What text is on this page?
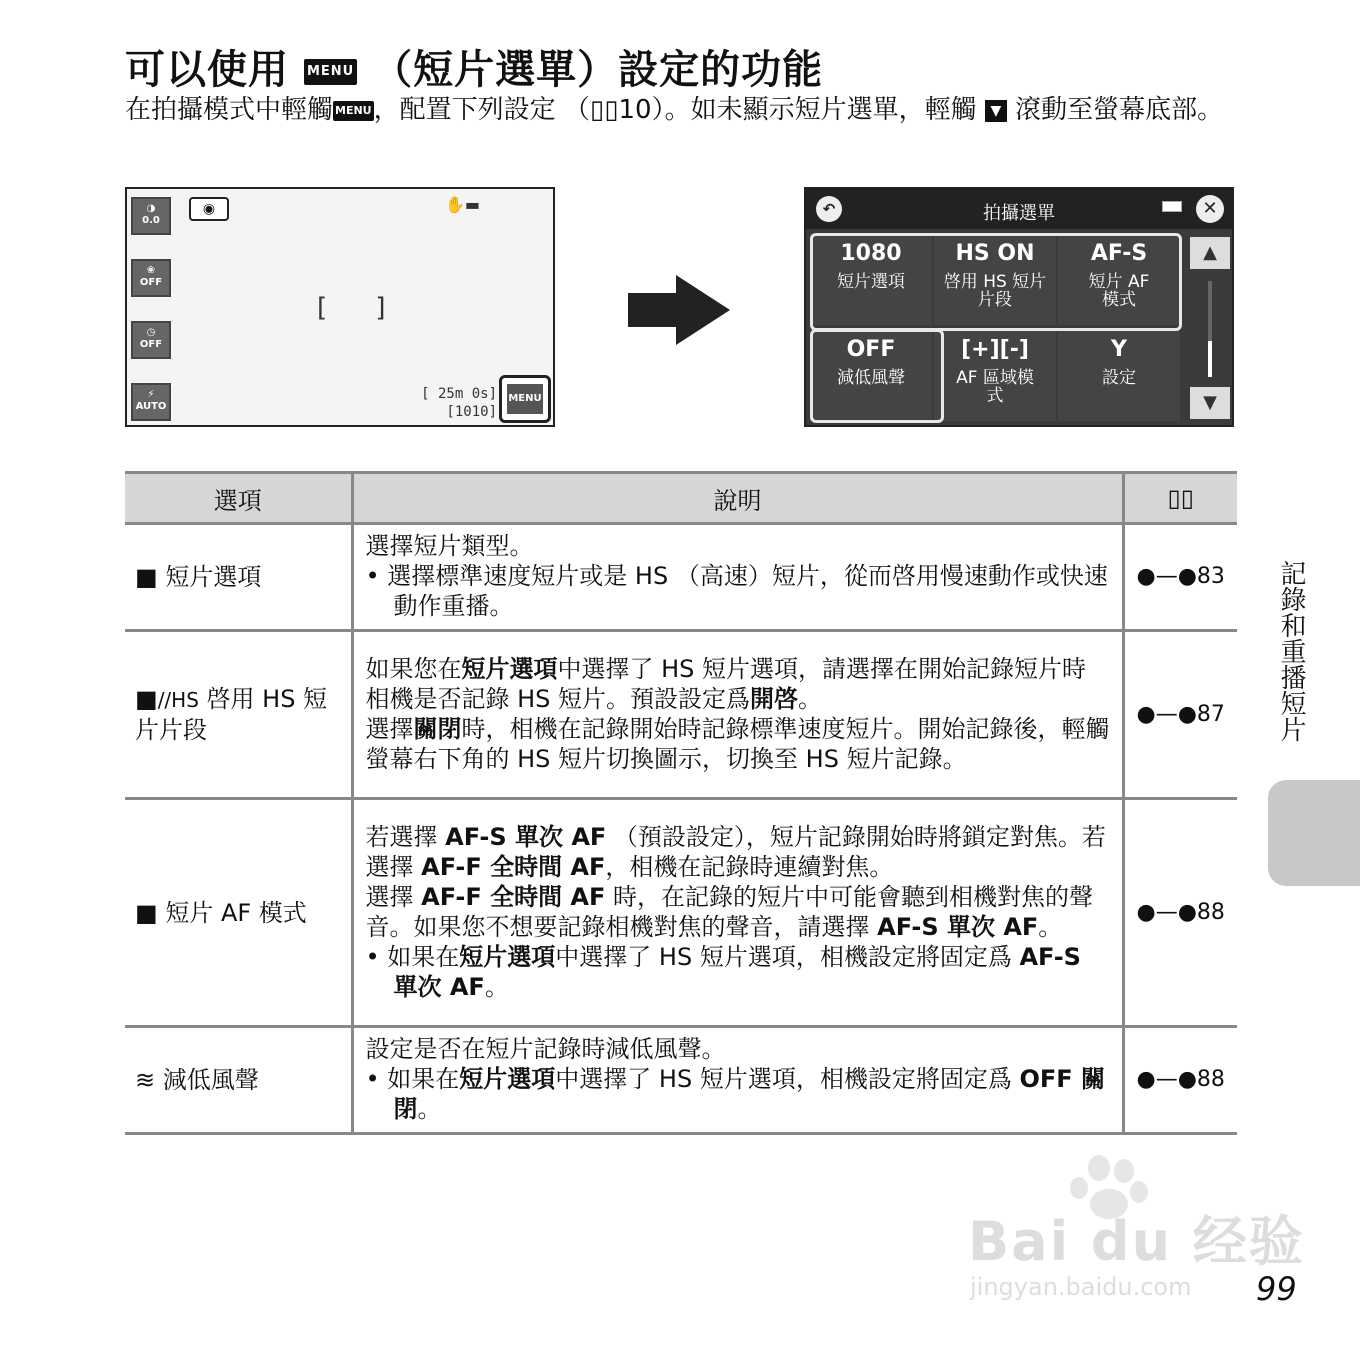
可以使用 MENU （短片選單）設定的功能
在拍攝模式中輕觸 MENU，配置下列設定 （▯▯10）。如未顯示短片選單，輕觸 ▼ 滾動至螢幕底部。
◑
0.0
❀
OFF
◷
OFF
⚡
AUTO
◉	✋▬
[ ]
[ 25m 0s]
[1010]
MENU
↶	拍攝選單	✕
1080
短片選項
HS ON
啓用 HS 短片片段
AF-S
短片 AF 模式
OFF
減低風聲
[+][-]
AF 區域模式
Y
設定
▲
▼
選項	說明	▯▯
■ 短片選項	選擇短片類型。
• 選擇標準速度短片或是 HS （高速）短片，從而啓用慢速動作或快速動作重播。	●—●83
■//HS 啓用 HS 短片片段	如果您在短片選項中選擇了 HS 短片選項，請選擇在開始記錄短片時相機是否記錄 HS 短片。預設設定爲開啓。
選擇關閉時，相機在記錄開始時記錄標準速度短片。開始記錄後，輕觸螢幕右下角的 HS 短片切換圖示，切換至 HS 短片記錄。	●—●87
■ 短片 AF 模式	若選擇 AF-S 單次 AF （預設設定），短片記錄開始時將鎖定對焦。若選擇 AF-F 全時間 AF，相機在記錄時連續對焦。
選擇 AF-F 全時間 AF 時，在記錄的短片中可能會聽到相機對焦的聲音。如果您不想要記錄相機對焦的聲音，請選擇 AF-S 單次 AF。
• 如果在短片選項中選擇了 HS 短片選項，相機設定將固定爲 AF-S 單次 AF。	●—●88
≋ 減低風聲	設定是否在短片記錄時減低風聲。
• 如果在短片選項中選擇了 HS 短片選項，相機設定將固定爲 OFF 關閉。	●—●88
記錄和重播短片
Bai du 经验
jingyan.baidu.com 99
